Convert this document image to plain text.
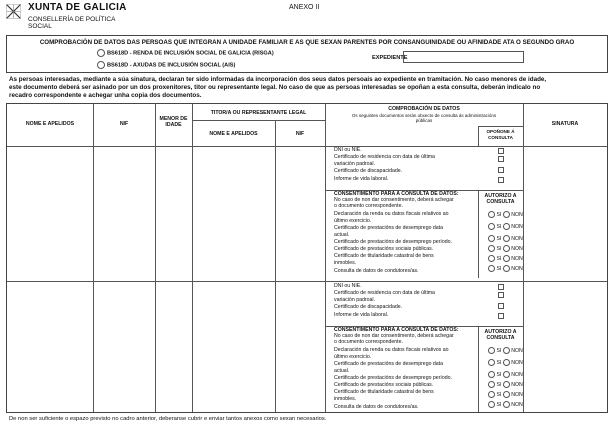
XUNTA DE GALICIA
CONSELLERÍA DE POLÍTICA
SOCIAL
ANEXO II
COMPROBACIÓN DE DATOS DAS PERSOAS QUE INTEGRAN A UNIDADE FAMILIAR E AS QUE SEXAN PARENTES POR CONSANGUINIDADE OU AFINIDADE ATA O SEGUNDO GRAO
BS618D - RENDA DE INCLUSIÓN SOCIAL DE GALICIA (RISGA)
BS618D - AXUDAS DE INCLUSIÓN SOCIAL (AIS)
EXPEDIENTE
As persoas interesadas, mediante a súa sinatura, declaran ter sido informadas da incorporación dos seus datos persoais ao expediente en tramitación. No caso menores de idade,
este documento deberá ser asinado por un dos proxenitores, titor ou representante legal. No caso de que as persoas interesadas se opoñan a esta consulta, deberán indicalo no
recadro correspondente e achegar unha copia dos documentos.
NOME E APELIDOS	NIF
MENOR DE
IDADE
TITOR/A OU REPRESENTANTE LEGAL
NOME E APELIDOS	NIF
COMPROBACIÓN DE DATOS
Os seguintes documentos serán obxecto de consulta ás administracións
públicas
OPOÑONE Á
CONSULTA
SINATURA
DNI ou NIE.
Certificado de residencia con data de última
variación padroal.
Certificado de discapacidade.
Informe de vida laboral.
CONSENTIMENTO PARA A CONSULTA DE DATOS:
No caso de non dar consentimento, deberá achegar
o documento correspondente.
AUTORIZO A
CONSULTA
Declaración da renda ou datos fiscais relativos ao
último exercicio.
Certificado de prestacións de desemprego data
actual.
Certificado de prestacións de desemprego período.
Certificado de prestacións sociais públicas.
Certificado de titularidade catastral de bens
inmobles.
Consulta de datos de condutores/as.
SI NON
SI NON
SI NON
SI NON
SI NON
SI NON
DNI ou NIE.
Certificado de residencia con data de última
variación padroal.
Certificado de discapacidade.
Informe de vida laboral.
CONSENTIMENTO PARA A CONSULTA DE DATOS:
No caso de non dar consentimento, deberá achegar
o documento correspondente.
AUTORIZO A
CONSULTA
Declaración da renda ou datos fiscais relativos ao
último exercicio.
Certificado de prestacións de desemprego data
actual.
Certificado de prestacións de desemprego período.
Certificado de prestacións sociais públicas.
Certificado de titularidade catastral de bens
inmobles.
Consulta de datos de condutores/as.
SI NON
SI NON
SI NON
SI NON
SI NON
SI NON
De non ser suficiente o espazo previsto no cadro anterior, deberanse cubrir e enviar tantos anexos como sexan necesarios.
